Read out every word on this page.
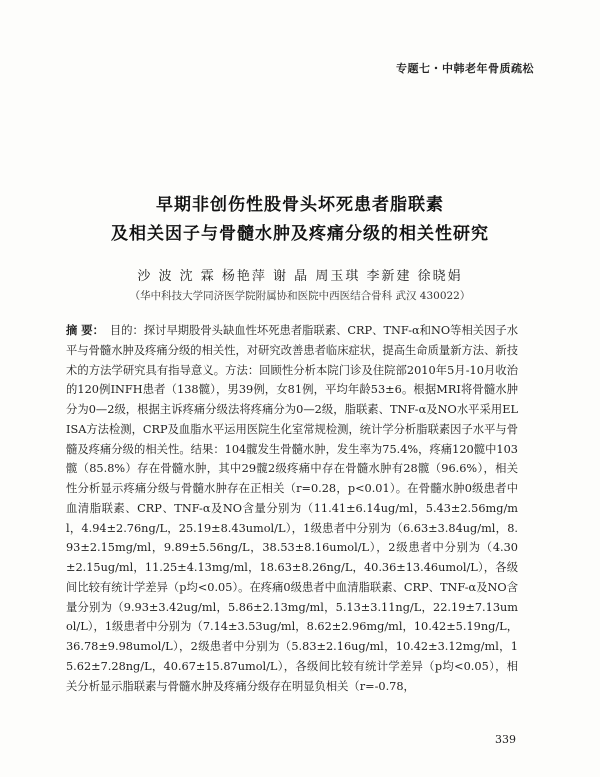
专题七・中韩老年骨质疏松
早期非创伤性股骨头坏死患者脂联素
及相关因子与骨髓水肿及疼痛分级的相关性研究
沙 波 沈 霖 杨艳萍 谢 晶 周玉琪 李新建 徐晓娟
（华中科技大学同济医学院附属协和医院中西医结合骨科 武汉 430022）
摘 要： 目的：探讨早期股骨头缺血性坏死患者脂联素、CRP、TNF-α和NO等相关因子水平与骨髓水肿及疼痛分级的相关性，对研究改善患者临床症状，提高生命质量新方法、新技术的方法学研究具有指导意义。方法：回顾性分析本院门诊及住院部2010年5月-10月收治的120例INFH患者（138髋），男39例，女81例，平均年龄53±6。根据MRI将骨髓水肿分为0—2级，根据主诉疼痛分级法将疼痛分为0—2级，脂联素、TNF-α及NO水平采用ELISA方法检测，CRP及血脂水平运用医院生化室常规检测，统计学分析脂联素因子水平与骨髓及疼痛分级的相关性。结果：104髋发生骨髓水肿，发生率为75.4%，疼痛120髋中103髋（85.8%）存在骨髓水肿，其中29髋2级疼痛中存在骨髓水肿有28髋（96.6%），相关性分析显示疼痛分级与骨髓水肿存在正相关（r=0.28，p<0.01）。在骨髓水肿0级患者中血清脂联素、CRP、TNF-α及NO含量分别为（11.41±6.14ug/ml，5.43±2.56mg/ml，4.94±2.76ng/L，25.19±8.43umol/L），1级患者中分别为（6.63±3.84ug/ml，8.93±2.15mg/ml，9.89±5.56ng/L，38.53±8.16umol/L），2级患者中分别为（4.30±2.15ug/ml，11.25±4.13mg/ml，18.63±8.26ng/L，40.36±13.46umol/L），各级间比较有统计学差异（p均<0.05）。在疼痛0级患者中血清脂联素、CRP、TNF-α及NO含量分别为（9.93±3.42ug/ml，5.86±2.13mg/ml，5.13±3.11ng/L，22.19±7.13umol/L），1级患者中分别为（7.14±3.53ug/ml，8.62±2.96mg/ml，10.42±5.19ng/L，36.78±9.98umol/L），2级患者中分别为（5.83±2.16ug/ml，10.42±3.12mg/ml，15.62±7.28ng/L，40.67±15.87umol/L），各级间比较有统计学差异（p均<0.05），相关分析显示脂联素与骨髓水肿及疼痛分级存在明显负相关（r=-0.78，
339
